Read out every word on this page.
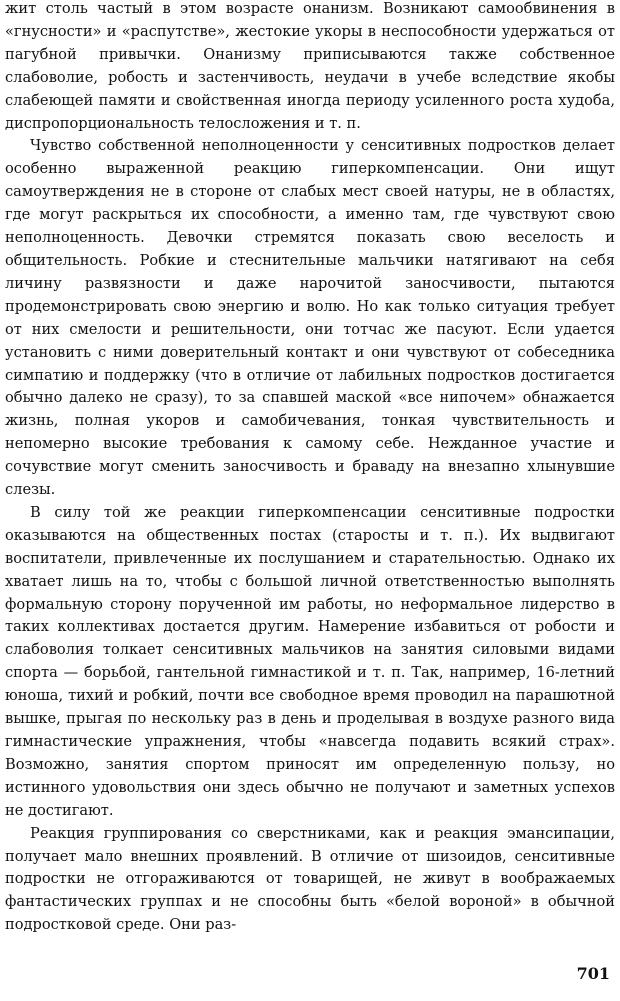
жит столь частый в этом возрасте онанизм. Возникают самообвинения в «гнусности» и «распутстве», жестокие укоры в неспособности удержаться от пагубной привычки. Онанизму приписываются также собственное слабоволие, робость и застенчивость, неудачи в учебе вследствие якобы слабеющей памяти и свойственная иногда периоду усиленного роста худоба, диспропорциональность телосложения и т. п.

Чувство собственной неполноценности у сенситивных подростков делает особенно выраженной реакцию гиперкомпенсации. Они ищут самоутверждения не в стороне от слабых мест своей натуры, не в областях, где могут раскрыться их способности, а именно там, где чувствуют свою неполноценность. Девочки стремятся показать свою веселость и общительность. Робкие и стеснительные мальчики натягивают на себя личину развязности и даже нарочитой заносчивости, пытаются продемонстрировать свою энергию и волю. Но как только ситуация требует от них смелости и решительности, они тотчас же пасуют. Если удается установить с ними доверительный контакт и они чувствуют от собеседника симпатию и поддержку (что в отличие от лабильных подростков достигается обычно далеко не сразу), то за спавшей маской «все нипочем» обнажается жизнь, полная укоров и самобичевания, тонкая чувствительность и непомерно высокие требования к самому себе. Нежданное участие и сочувствие могут сменить заносчивость и браваду на внезапно хлынувшие слезы.

В силу той же реакции гиперкомпенсации сенситивные подростки оказываются на общественных постах (старосты и т. п.). Их выдвигают воспитатели, привлеченные их послушанием и старательностью. Однако их хватает лишь на то, чтобы с большой личной ответственностью выполнять формальную сторону порученной им работы, но неформальное лидерство в таких коллективах достается другим. Намерение избавиться от робости и слабоволия толкает сенситивных мальчиков на занятия силовыми видами спорта — борьбой, гантельной гимнастикой и т. п. Так, например, 16-летний юноша, тихий и робкий, почти все свободное время проводил на парашютной вышке, прыгая по нескольку раз в день и проделывая в воздухе разного вида гимнастические упражнения, чтобы «навсегда подавить всякий страх». Возможно, занятия спортом приносят им определенную пользу, но истинного удовольствия они здесь обычно не получают и заметных успехов не достигают.

Реакция группирования со сверстниками, как и реакция эмансипации, получает мало внешних проявлений. В отличие от шизоидов, сенситивные подростки не отгораживаются от товарищей, не живут в воображаемых фантастических группах и не способны быть «белой вороной» в обычной подростковой среде. Они раз-

701
